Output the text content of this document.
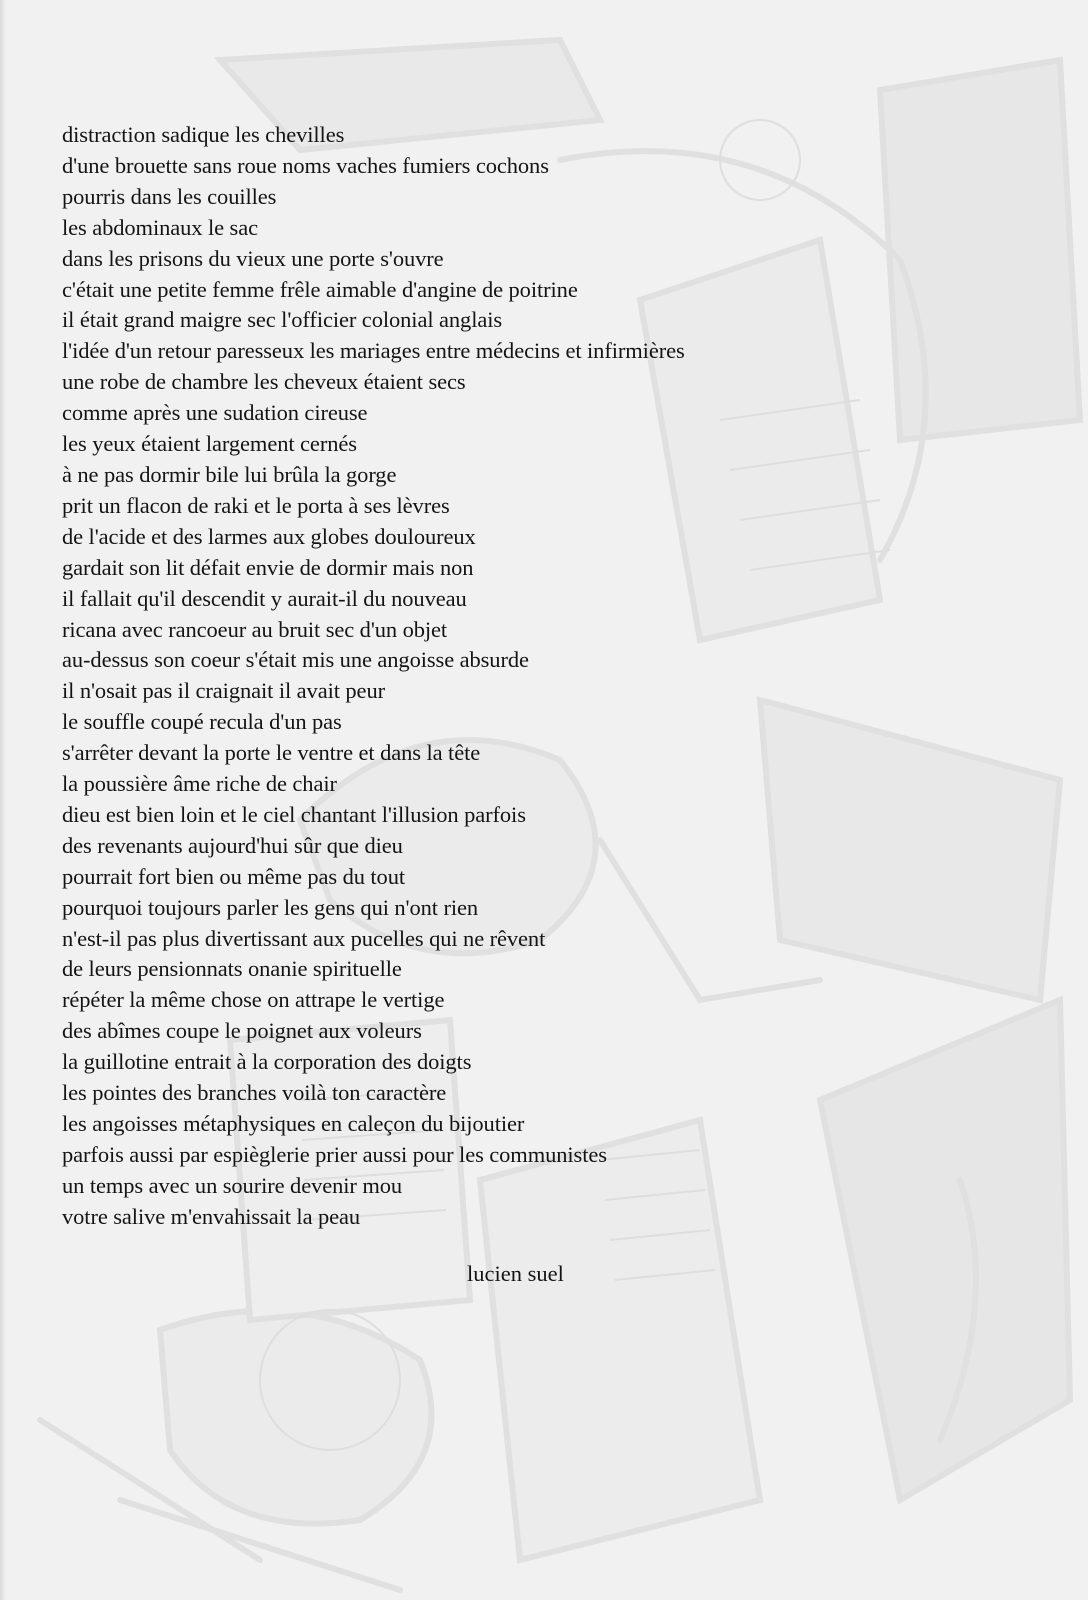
distraction sadique les chevilles
d'une brouette sans roue noms vaches fumiers cochons
pourris dans les couilles
les abdominaux le sac
dans les prisons du vieux une porte s'ouvre
c'était une petite femme frêle aimable d'angine de poitrine
il était grand maigre sec l'officier colonial anglais
l'idée d'un retour paresseux les mariages entre médecins et infirmières
une robe de chambre les cheveux étaient secs
comme après une sudation cireuse
les yeux étaient largement cernés
à ne pas dormir bile lui brûla la gorge
prit un flacon de raki et le porta à ses lèvres
de l'acide et des larmes aux globes douloureux
gardait son lit défait envie de dormir mais non
il fallait qu'il descendit y aurait-il du nouveau
ricana avec rancoeur au bruit sec d'un objet
au-dessus son coeur s'était mis une angoisse absurde
il n'osait pas il craignait il avait peur
le souffle coupé recula d'un pas
s'arrêter devant la porte le ventre et dans la tête
la poussière âme riche de chair
dieu est bien loin et le ciel chantant l'illusion parfois
des revenants aujourd'hui sûr que dieu
pourrait fort bien ou même pas du tout
pourquoi toujours parler les gens qui n'ont rien
n'est-il pas plus divertissant aux pucelles qui ne rêvent
de leurs pensionnats onanie spirituelle
répéter la même chose on attrape le vertige
des abîmes coupe le poignet aux voleurs
la guillotine entrait à la corporation des doigts
les pointes des branches voilà ton caractère
les angoisses métaphysiques en caleçon du bijoutier
parfois aussi par espièglerie prier aussi pour les communistes
un temps avec un sourire devenir mou
votre salive m'envahissait la peau

lucien suel
